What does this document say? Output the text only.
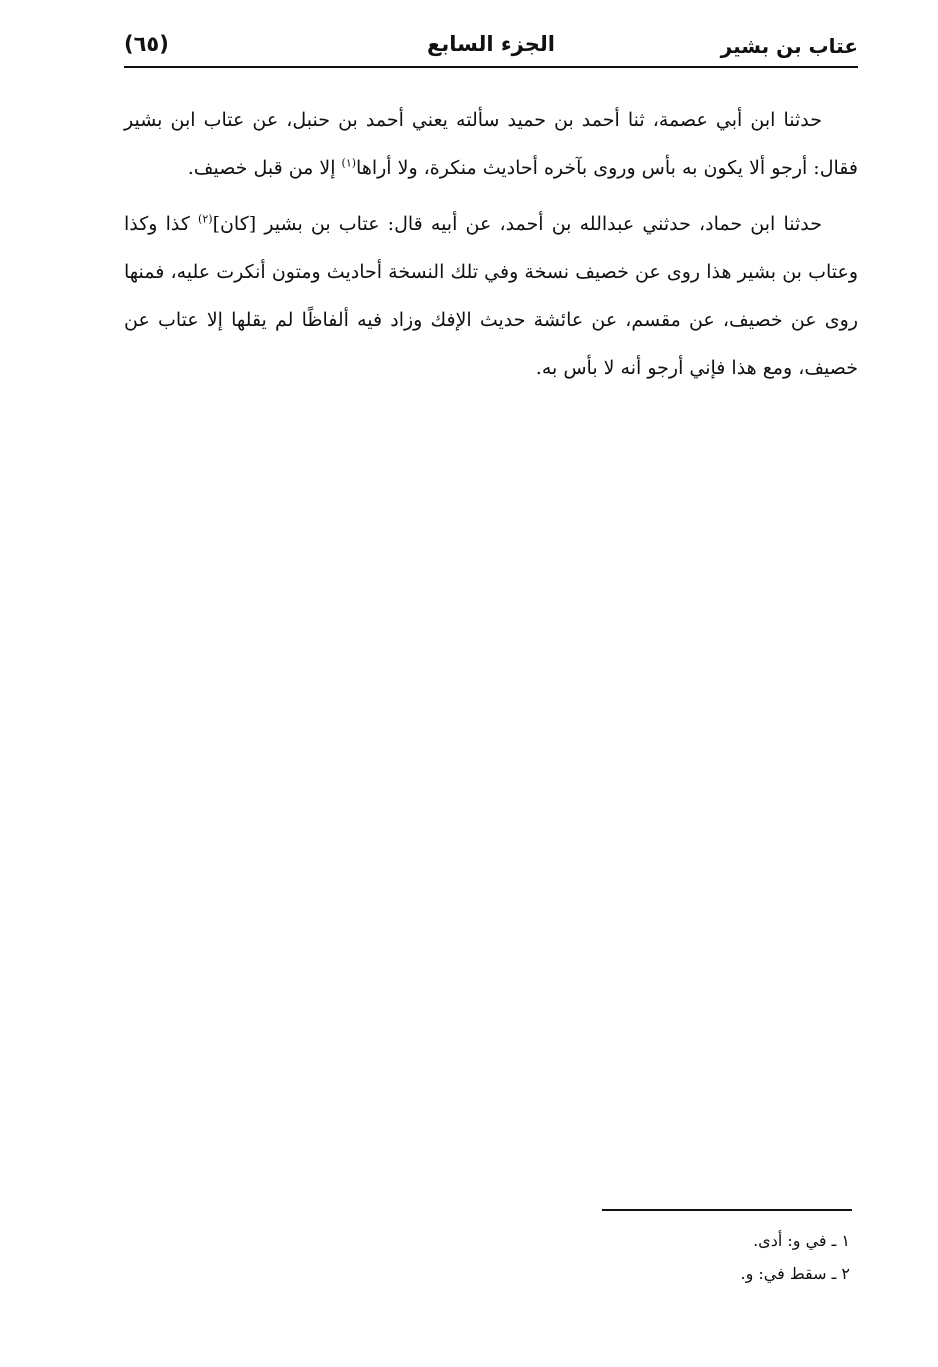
عتاب بن بشير
الجزء السابع
(٦٥)

حدثنا ابن أبي عصمة، ثنا أحمد بن حميد سألته يعني أحمد بن حنبل، عن عتاب ابن بشير فقال: أرجو ألا يكون به بأس وروى بآخره أحاديث منكرة، ولا أراها$^{(١)}$ إلا من قبل خصيف.

حدثنا ابن حماد، حدثني عبدالله بن أحمد، عن أبيه قال: عتاب بن بشير [كان]$^{(٢)}$ كذا وكذا وعتاب بن بشير هذا روى عن خصيف نسخة وفي تلك النسخة أحاديث ومتون أنكرت عليه، فمنها روى عن خصيف، عن مقسم، عن عائشة حديث الإفك وزاد فيه ألفاظًا لم يقلها إلا عتاب عن خصيف، ومع هذا فإني أرجو أنه لا بأس به.

١ ـ في و: أدى.
٢ ـ سقط في: و.
